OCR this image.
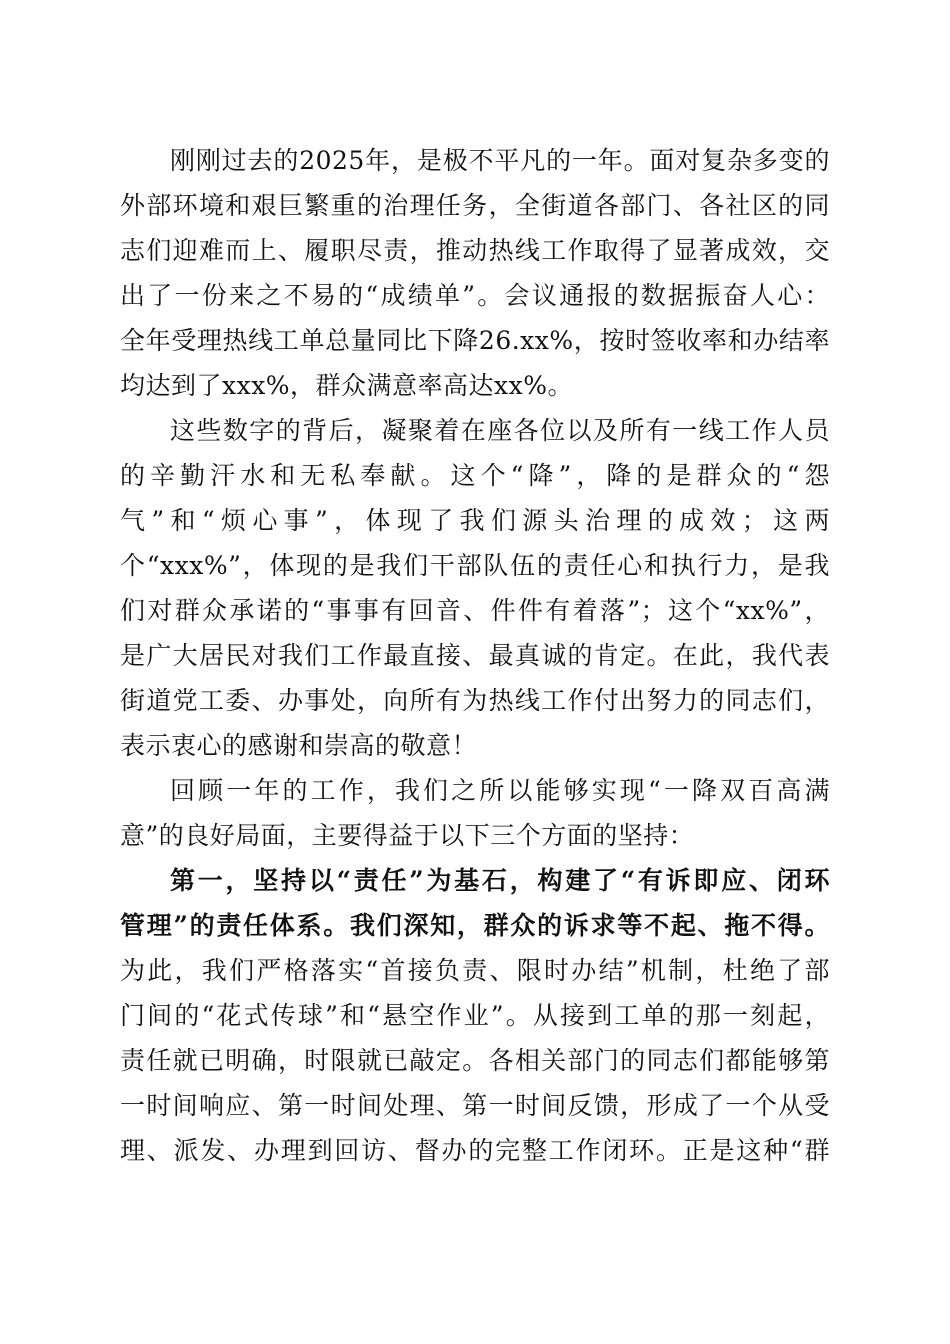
刚刚过去的2025年，是极不平凡的一年。面对复杂多变的
外部环境和艰巨繁重的治理任务，全街道各部门、各社区的同
志们迎难而上、履职尽责，推动热线工作取得了显著成效，交
出了一份来之不易的“成绩单”。会议通报的数据振奋人心：
全年受理热线工单总量同比下降26.xx%，按时签收率和办结率
均达到了xxx%，群众满意率高达xx%。
这些数字的背后，凝聚着在座各位以及所有一线工作人员
的辛勤汗水和无私奉献。这个“降”，降的是群众的“怨
气”和“烦心事”，体现了我们源头治理的成效；这两
个“xxx%”，体现的是我们干部队伍的责任心和执行力，是我
们对群众承诺的“事事有回音、件件有着落”；这个“xx%”，
是广大居民对我们工作最直接、最真诚的肯定。在此，我代表
街道党工委、办事处，向所有为热线工作付出努力的同志们，
表示衷心的感谢和崇高的敬意！
回顾一年的工作，我们之所以能够实现“一降双百高满
意”的良好局面，主要得益于以下三个方面的坚持：
第一，坚持以“责任”为基石，构建了“有诉即应、闭环
管理”的责任体系。我们深知，群众的诉求等不起、拖不得。
为此，我们严格落实“首接负责、限时办结”机制，杜绝了部
门间的“花式传球”和“悬空作业”。从接到工单的那一刻起，
责任就已明确，时限就已敲定。各相关部门的同志们都能够第
一时间响应、第一时间处理、第一时间反馈，形成了一个从受
理、派发、办理到回访、督办的完整工作闭环。正是这种“群
